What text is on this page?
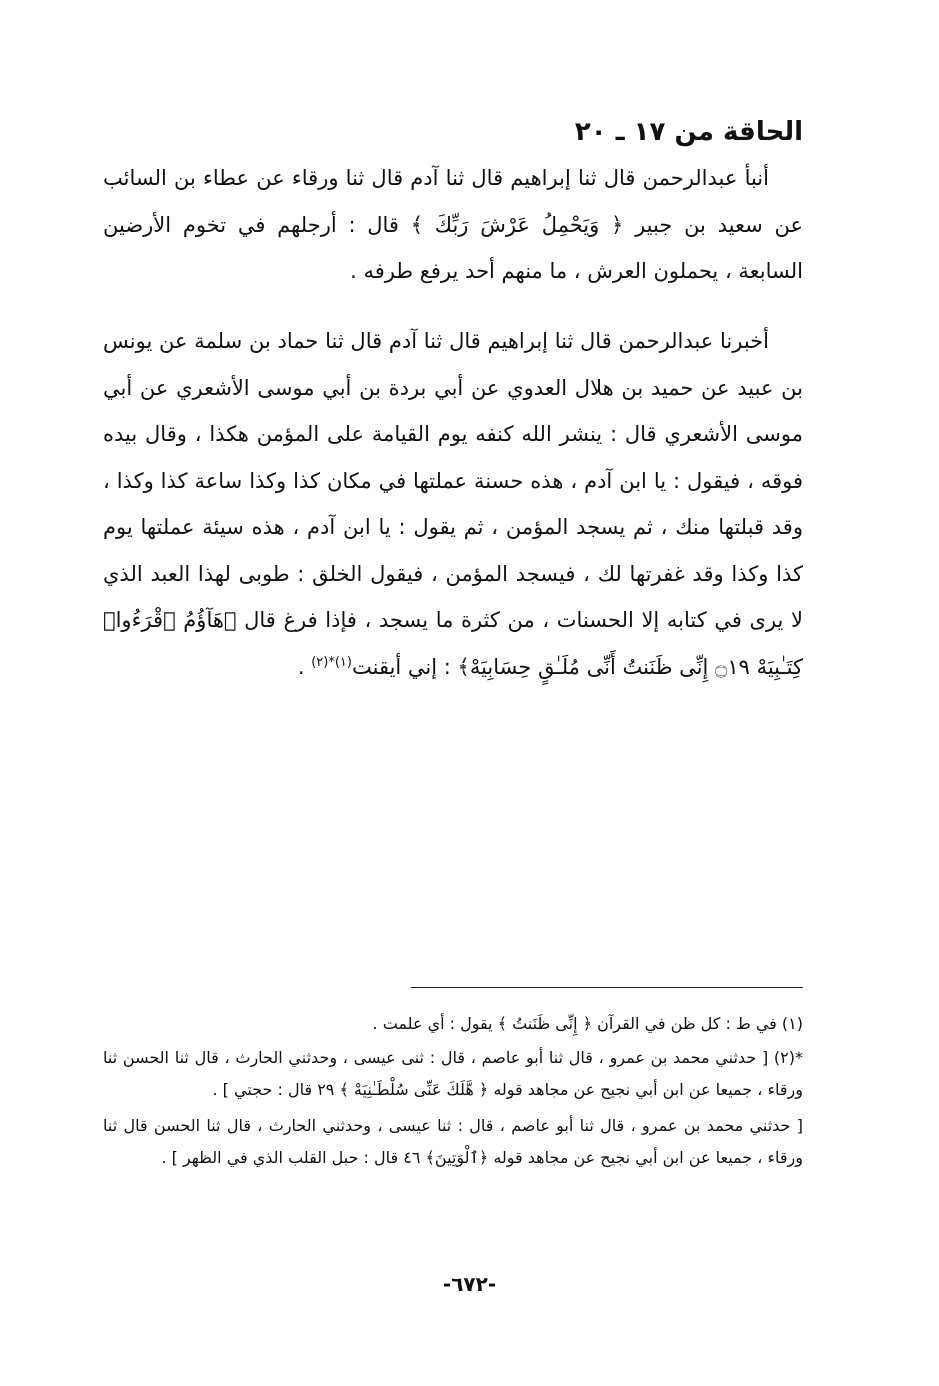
الحاقة من ١٧ ـ ٢٠

أنبأ عبدالرحمن قال ثنا إبراهيم قال ثنا آدم قال ثنا ورقاء عن عطاء بن السائب عن سعيد بن جبير ﴿ وَيَحْمِلُ عَرْشَ رَبِّكَ ﴾ قال : أرجلهم في تخوم الأرضين السابعة ، يحملون العرش ، ما منهم أحد يرفع طرفه .

أخبرنا عبدالرحمن قال ثنا إبراهيم قال ثنا آدم قال ثنا حماد بن سلمة عن يونس بن عبيد عن حميد بن هلال العدوي عن أبي بردة بن أبي موسى الأشعري عن أبي موسى الأشعري قال : ينشر الله كنفه يوم القيامة على المؤمن هكذا ، وقال بيده فوقه ، فيقول : يا ابن آدم ، هذه حسنة عملتها في مكان كذا وكذا ساعة كذا وكذا ، وقد قبلتها منك ، ثم يسجد المؤمن ، ثم يقول : يا ابن آدم ، هذه سيئة عملتها يوم كذا وكذا وقد غفرتها لك ، فيسجد المؤمن ، فيقول الخلق : طوبى لهذا العبد الذي لا يرى في كتابه إلا الحسنات ، من كثرة ما يسجد ، فإذا فرغ قال ﴿هَآؤُمُ ٱقْرَءُوا۟ كِتَـٰبِيَهْ ۝١٩ إِنِّى ظَنَنتُ أَنِّى مُلَـٰقٍ حِسَابِيَهْ﴾ : إني أيقنت$^{(١)*(٢)}$ .

(١) في ط : كل ظن في القرآن ﴿ إِنِّى ظَنَنتُ ﴾ يقول : أي علمت .

*(٢) [ حدثني محمد بن عمرو ، قال ثنا أبو عاصم ، قال : ثنى عيسى ، وحدثني الحارث ، قال ثنا الحسن ثنا ورقاء ، جميعا عن ابن أبي نجيح عن مجاهد قوله ﴿ هَّلَكَ عَنِّى سُلْطَـٰنِيَهْ ﴾ ٢٩ قال : حجتي ] .

[ حدثني محمد بن عمرو ، قال ثنا أبو عاصم ، قال : ثنا عيسى ، وحدثني الحارث ، قال ثنا الحسن قال ثنا ورقاء ، جميعا عن ابن أبي نجيح عن مجاهد قوله ﴿ٱلْوَتِينَ﴾ ٤٦ قال : حبل القلب الذي في الظهر ] .

-٦٧٢-
